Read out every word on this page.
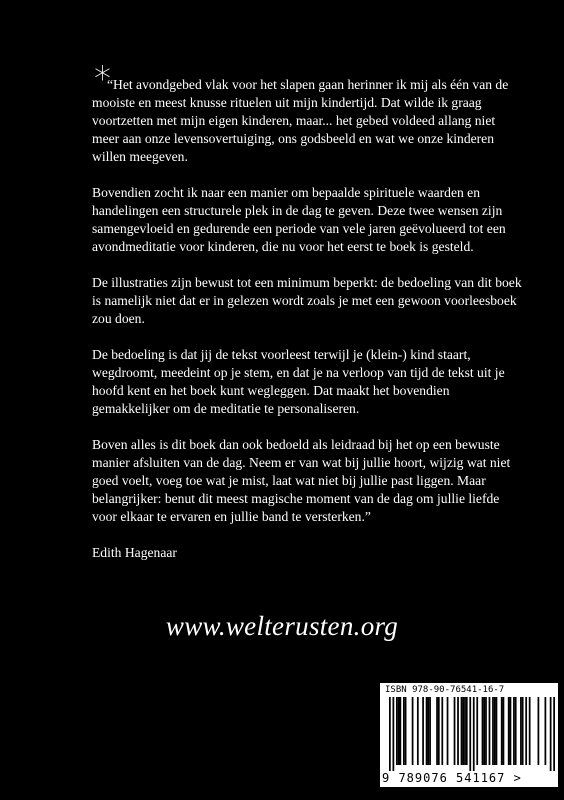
*

“Het avondgebed vlak voor het slapen gaan herinner ik mij als één van de mooiste en meest knusse rituelen uit mijn kindertijd. Dat wilde ik graag voortzetten met mijn eigen kinderen, maar... het gebed voldeed allang niet meer aan onze levensovertuiging, ons godsbeeld en wat we onze kinderen willen meegeven.

Bovendien zocht ik naar een manier om bepaalde spirituele waarden en handelingen een structurele plek in de dag te geven. Deze twee wensen zijn samengevloeid en gedurende een periode van vele jaren geëvolueerd tot een avondmeditatie voor kinderen, die nu voor het eerst te boek is gesteld.

De illustraties zijn bewust tot een minimum beperkt: de bedoeling van dit boek is namelijk niet dat er in gelezen wordt zoals je met een gewoon voorleesboek zou doen.

De bedoeling is dat jij de tekst voorleest terwijl je (klein-) kind staart, wegdroomt, meedeint op je stem, en dat je na verloop van tijd de tekst uit je hoofd kent en het boek kunt wegleggen. Dat maakt het bovendien gemakkelijker om de meditatie te personaliseren.

Boven alles is dit boek dan ook bedoeld als leidraad bij het op een bewuste manier afsluiten van de dag. Neem er van wat bij jullie hoort, wijzig wat niet goed voelt, voeg toe wat je mist, laat wat niet bij jullie past liggen. Maar belangrijker: benut dit meest magische moment van de dag om jullie liefde voor elkaar te ervaren en jullie band te versterken.”

Edith Hagenaar

www.welterusten.org
ISBN 978-90-76541-16-7
9 789076 541167 >
